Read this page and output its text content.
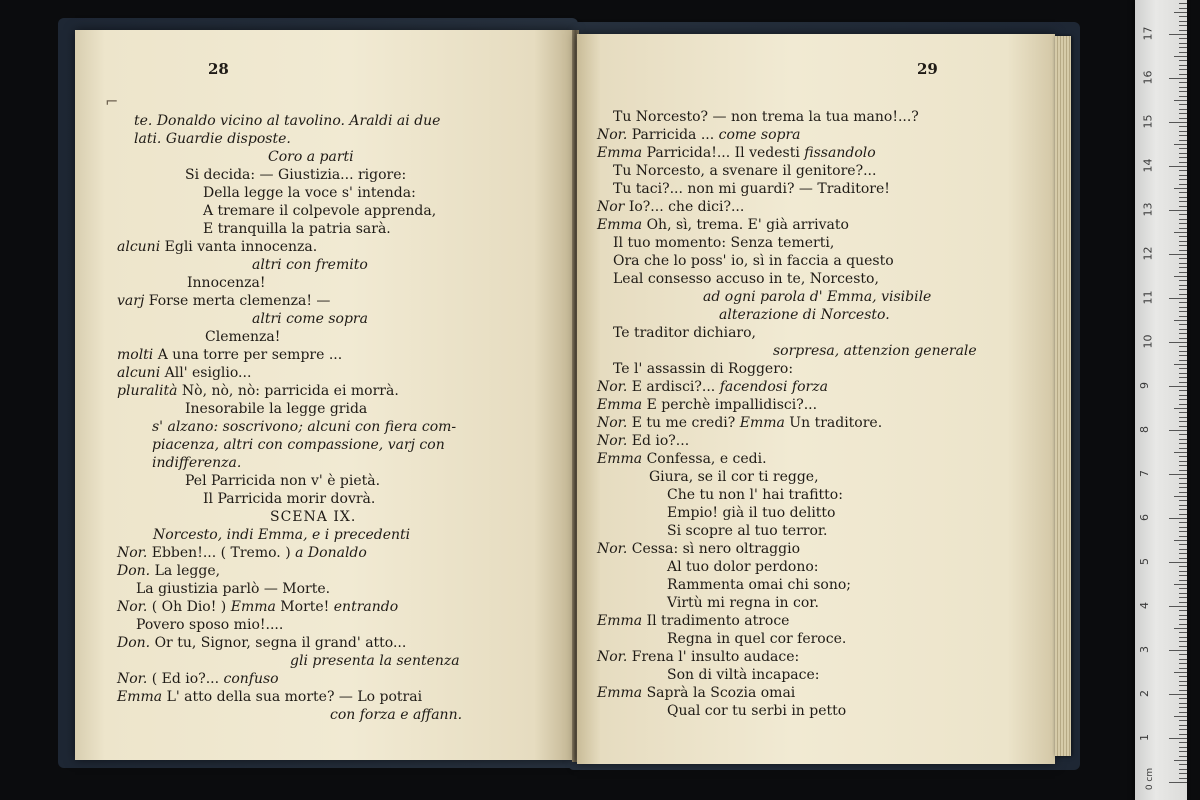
28
te. Donaldo vicino al tavolino. Araldi ai due
lati. Guardie disposte.
Coro a parti
Si decida: — Giustizia... rigore:
Della legge la voce s' intenda:
A tremare il colpevole apprenda,
E tranquilla la patria sarà.
alcuni Egli vanta innocenza.
altri con fremito
Innocenza!
varj Forse merta clemenza! —
altri come sopra
Clemenza!
molti A una torre per sempre ...
alcuni All' esiglio...
pluralità Nò, nò, nò: parricida ei morrà.
Inesorabile la legge grida
s' alzano: soscrivono; alcuni con fiera com-
piacenza, altri con compassione, varj con
indifferenza.
Pel Parricida non v' è pietà.
Il Parricida morir dovrà.
SCENA IX.
Norcesto, indi Emma, e i precedenti
Nor. Ebben!... ( Tremo. ) a Donaldo
Don. La legge,
La giustizia parlò — Morte.
Nor. ( Oh Dio! ) Emma Morte! entrando
Povero sposo mio!....
Don. Or tu, Signor, segna il grand' atto...
gli presenta la sentenza
Nor. ( Ed io?... confuso
Emma L' atto della sua morte? — Lo potrai
con forza e affann.
⌐
29
Tu Norcesto? — non trema la tua mano!...?
Nor. Parricida ... come sopra
Emma Parricida!... Il vedesti fissandolo
Tu Norcesto, a svenare il genitore?...
Tu taci?... non mi guardi? — Traditore!
Nor Io?... che dici?...
Emma Oh, sì, trema. E' già arrivato
Il tuo momento: Senza temerti,
Ora che lo poss' io, sì in faccia a questo
Leal consesso accuso in te, Norcesto,
ad ogni parola d' Emma, visibile
alterazione di Norcesto.
Te traditor dichiaro,
sorpresa, attenzion generale
Te l' assassin di Roggero:
Nor. E ardisci?... facendosi forza
Emma E perchè impallidisci?...
Nor. E tu me credi? Emma Un traditore.
Nor. Ed io?...
Emma Confessa, e cedi.
Giura, se il cor ti regge,
Che tu non l' hai trafitto:
Empio! già il tuo delitto
Si scopre al tuo terror.
Nor. Cessa: sì nero oltraggio
Al tuo dolor perdono:
Rammenta omai chi sono;
Virtù mi regna in cor.
Emma Il tradimento atroce
Regna in quel cor feroce.
Nor. Frena l' insulto audace:
Son di viltà incapace:
Emma Saprà la Scozia omai
Qual cor tu serbi in petto
17
16
15
14
13
12
11
10
9
8
7
6
5
4
3
2
1
0 cm
